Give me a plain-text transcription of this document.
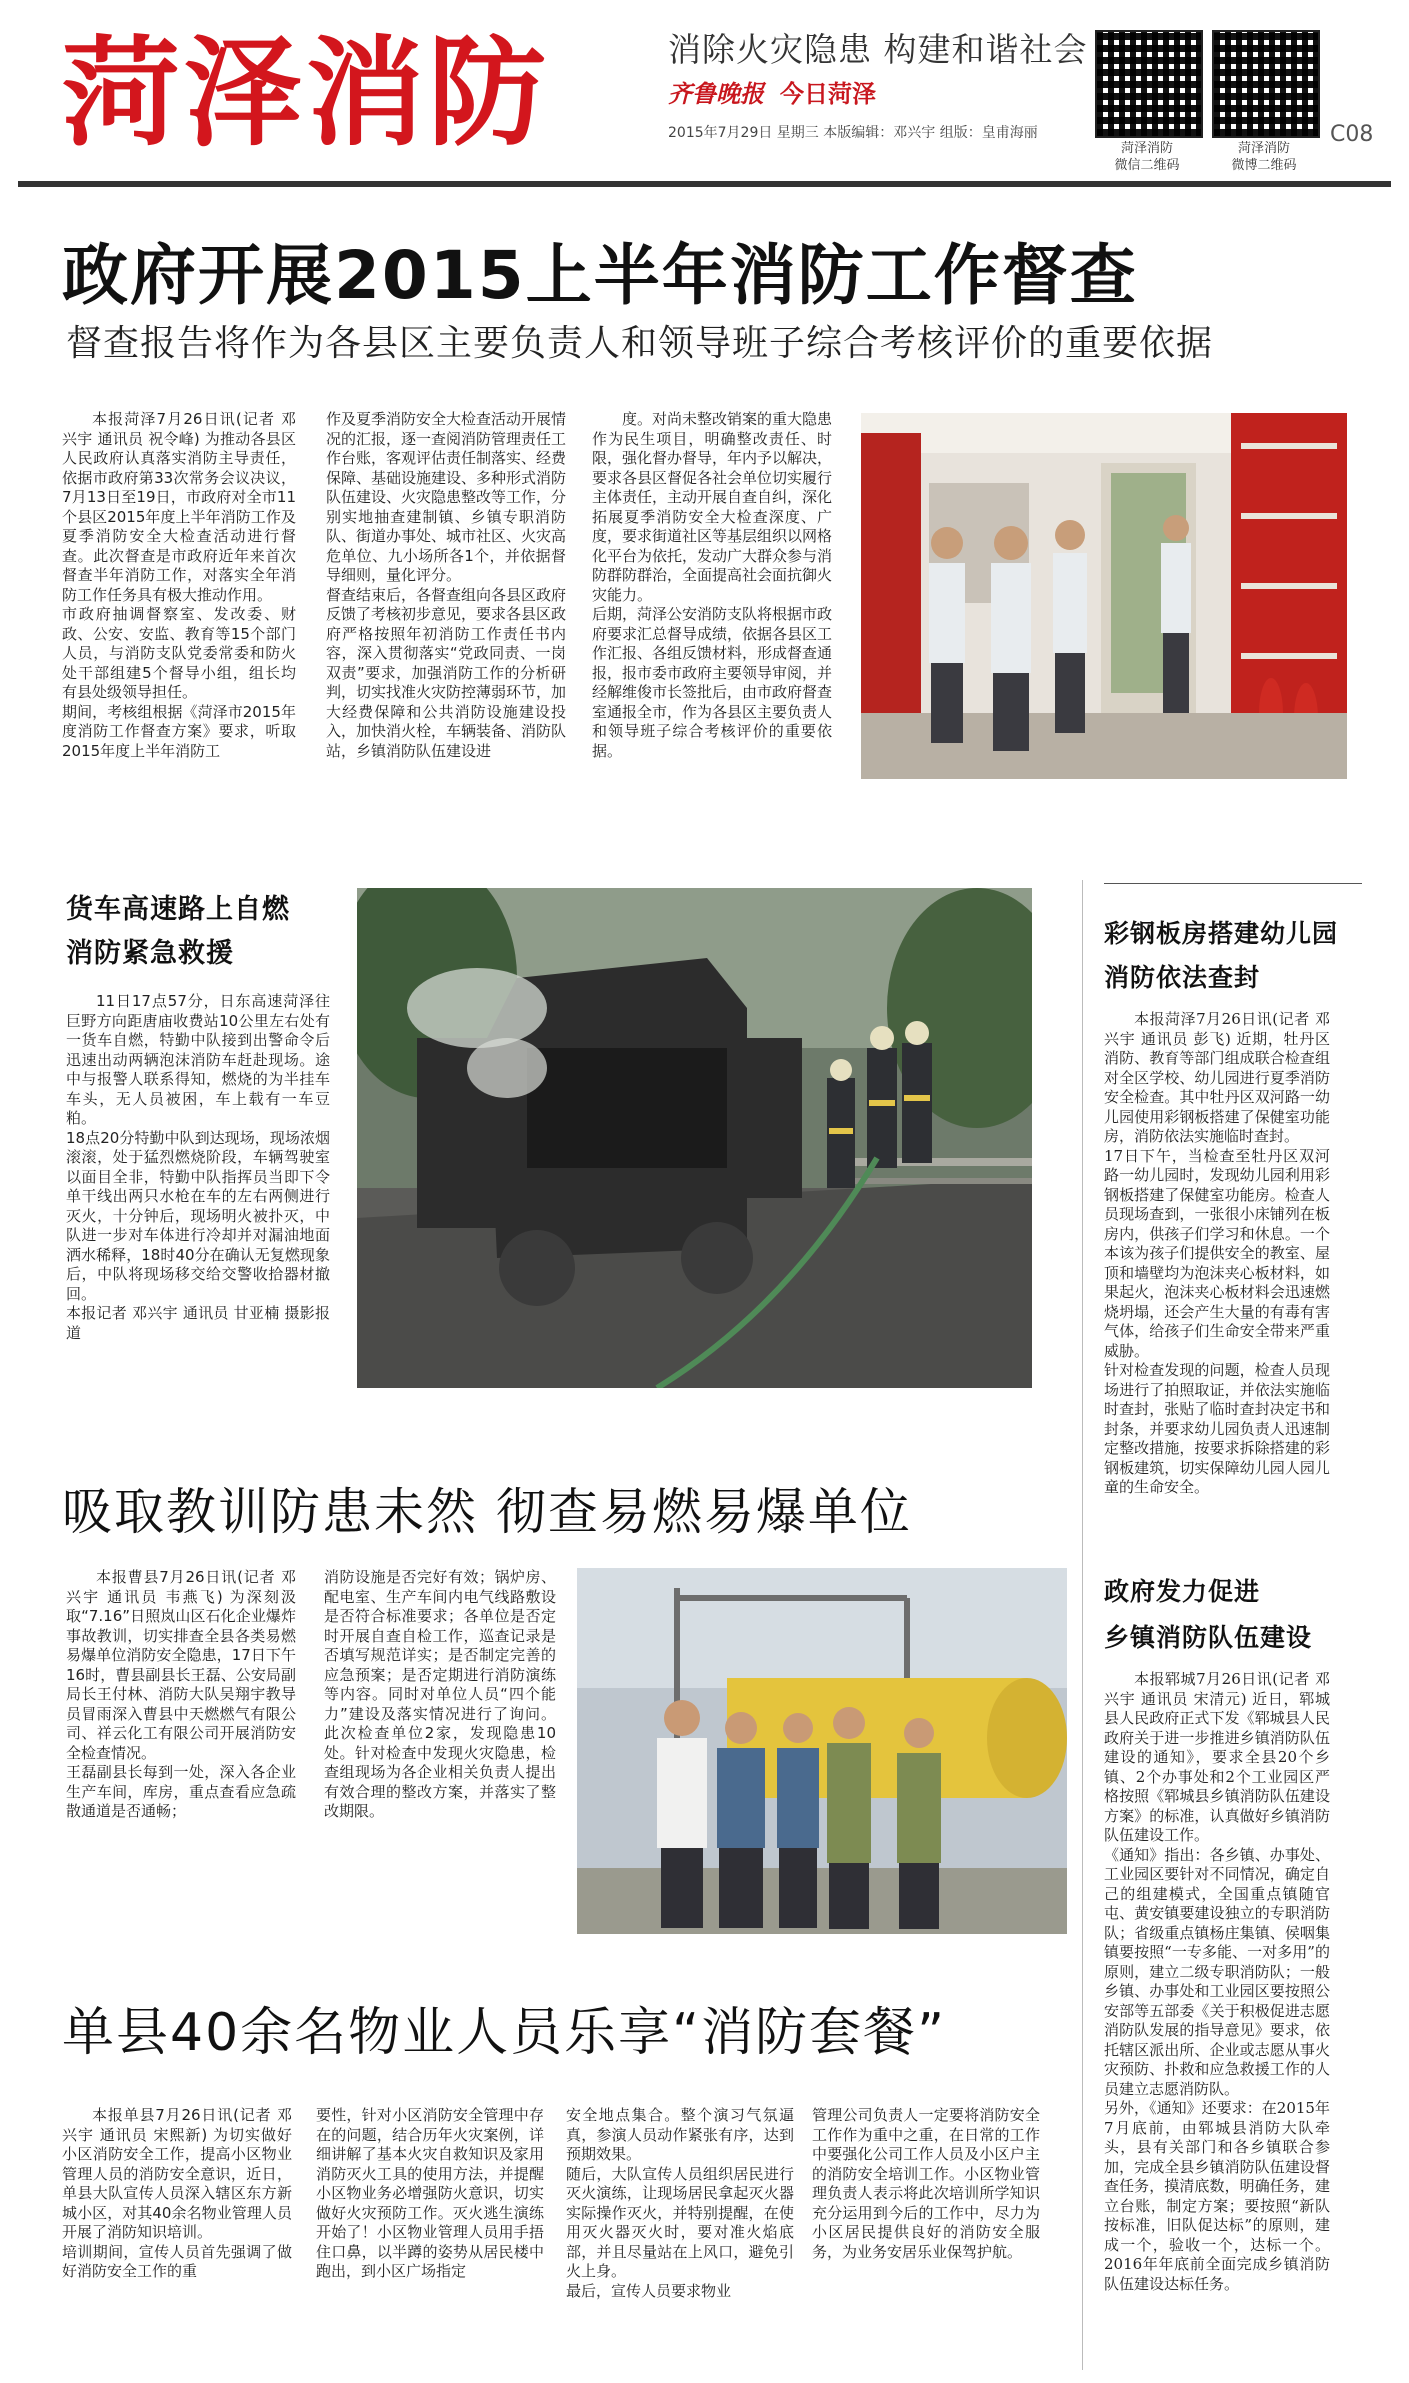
菏泽消防	消除火灾隐患 构建和谐社会
齐鲁晚报 今日菏泽
2015年7月29日 星期三 本版编辑：邓兴宇 组版：皇甫海丽
菏泽消防
微信二维码
菏泽消防
微博二维码
C08
政府开展2015上半年消防工作督查
督查报告将作为各县区主要负责人和领导班子综合考核评价的重要依据
本报菏泽7月26日讯(记者 邓兴宇 通讯员 祝令峰) 为推动各县区人民政府认真落实消防主导责任，依据市政府第33次常务会议决议，7月13日至19日，市政府对全市11个县区2015年度上半年消防工作及夏季消防安全大检查活动进行督查。此次督查是市政府近年来首次督查半年消防工作，对落实全年消防工作任务具有极大推动作用。
市政府抽调督察室、发改委、财政、公安、安监、教育等15个部门人员，与消防支队党委常委和防火处干部组建5个督导小组，组长均有县处级领导担任。
期间，考核组根据《菏泽市2015年度消防工作督查方案》要求，听取2015年度上半年消防工
作及夏季消防安全大检查活动开展情况的汇报，逐一查阅消防管理责任工作台账，客观评估责任制落实、经费保障、基础设施建设、多种形式消防队伍建设、火灾隐患整改等工作，分别实地抽查建制镇、乡镇专职消防队、街道办事处、城市社区、火灾高危单位、九小场所各1个，并依据督导细则，量化评分。
督查结束后，各督查组向各县区政府反馈了考核初步意见，要求各县区政府严格按照年初消防工作责任书内容，深入贯彻落实“党政同责、一岗双责”要求，加强消防工作的分析研判，切实找准火灾防控薄弱环节，加大经费保障和公共消防设施建设投入，加快消火栓，车辆装备、消防队站，乡镇消防队伍建设进
度。对尚未整改销案的重大隐患作为民生项目，明确整改责任、时限，强化督办督导，年内予以解决，要求各县区督促各社会单位切实履行主体责任，主动开展自查自纠，深化拓展夏季消防安全大检查深度、广度，要求街道社区等基层组织以网格化平台为依托，发动广大群众参与消防群防群治，全面提高社会面抗御火灾能力。
后期，菏泽公安消防支队将根据市政府要求汇总督导成绩，依据各县区工作汇报、各组反馈材料，形成督查通报，报市委市政府主要领导审阅，并经解维俊市长签批后，由市政府督查室通报全市，作为各县区主要负责人和领导班子综合考核评价的重要依据。
货车高速路上自燃
消防紧急救援
11日17点57分，日东高速菏泽往巨野方向距唐庙收费站10公里左右处有一货车自燃，特勤中队接到出警命令后迅速出动两辆泡沫消防车赶赴现场。途中与报警人联系得知，燃烧的为半挂车车头，无人员被困，车上载有一车豆粕。
18点20分特勤中队到达现场，现场浓烟滚滚，处于猛烈燃烧阶段，车辆驾驶室以面目全非，特勤中队指挥员当即下令单干线出两只水枪在车的左右两侧进行灭火，十分钟后，现场明火被扑灭，中队进一步对车体进行冷却并对漏油地面洒水稀释，18时40分在确认无复燃现象后，中队将现场移交给交警收拾器材撤回。
本报记者 邓兴宇 通讯员 甘亚楠 摄影报道
彩钢板房搭建幼儿园
消防依法查封
本报菏泽7月26日讯(记者 邓兴宇 通讯员 彭飞) 近期，牡丹区消防、教育等部门组成联合检查组对全区学校、幼儿园进行夏季消防安全检查。其中牡丹区双河路一幼儿园使用彩钢板搭建了保健室功能房，消防依法实施临时查封。
17日下午，当检查至牡丹区双河路一幼儿园时，发现幼儿园利用彩钢板搭建了保健室功能房。检查人员现场查到，一张很小床铺列在板房内，供孩子们学习和休息。一个本该为孩子们提供安全的教室、屋顶和墙壁均为泡沫夹心板材料，如果起火，泡沫夹心板材料会迅速燃烧坍塌，还会产生大量的有毒有害气体，给孩子们生命安全带来严重威胁。
针对检查发现的问题，检查人员现场进行了拍照取证，并依法实施临时查封，张贴了临时查封决定书和封条，并要求幼儿园负责人迅速制定整改措施，按要求拆除搭建的彩钢板建筑，切实保障幼儿园人园儿童的生命安全。
吸取教训防患未然 彻查易燃易爆单位
本报曹县7月26日讯(记者 邓兴宇 通讯员 韦燕飞) 为深刻汲取“7.16”日照岚山区石化企业爆炸事故教训，切实排查全县各类易燃易爆单位消防安全隐患，17日下午16时，曹县副县长王磊、公安局副局长王付林、消防大队吴翔宇教导员冒雨深入曹县中天燃燃气有限公司、祥云化工有限公司开展消防安全检查情况。
王磊副县长每到一处，深入各企业生产车间，库房，重点查看应急疏散通道是否通畅；
消防设施是否完好有效；锅炉房、配电室、生产车间内电气线路敷设是否符合标准要求；各单位是否定时开展自查自检工作，巡查记录是否填写规范详实；是否制定完善的应急预案；是否定期进行消防演练等内容。同时对单位人员“四个能力”建设及落实情况进行了询问。此次检查单位2家，发现隐患10处。针对检查中发现火灾隐患，检查组现场为各企业相关负责人提出有效合理的整改方案，并落实了整改期限。
政府发力促进
乡镇消防队伍建设
本报郓城7月26日讯(记者 邓兴宇 通讯员 宋清元) 近日，郓城县人民政府正式下发《郓城县人民政府关于进一步推进乡镇消防队伍建设的通知》，要求全县20个乡镇、2个办事处和2个工业园区严格按照《郓城县乡镇消防队伍建设方案》的标准，认真做好乡镇消防队伍建设工作。
《通知》指出：各乡镇、办事处、工业园区要针对不同情况，确定自己的组建模式，全国重点镇随官屯、黄安镇要建设独立的专职消防队；省级重点镇杨庄集镇、侯咽集镇要按照“一专多能、一对多用”的原则，建立二级专职消防队；一般乡镇、办事处和工业园区要按照公安部等五部委《关于积极促进志愿消防队发展的指导意见》要求，依托辖区派出所、企业或志愿从事火灾预防、扑救和应急救援工作的人员建立志愿消防队。
另外，《通知》还要求：在2015年7月底前，由郓城县消防大队牵头，县有关部门和各乡镇联合参加，完成全县乡镇消防队伍建设督查任务，摸清底数，明确任务，建立台账，制定方案；要按照“新队按标准，旧队促达标”的原则，建成一个，验收一个，达标一个。2016年年底前全面完成乡镇消防队伍建设达标任务。
单县40余名物业人员乐享“消防套餐”
本报单县7月26日讯(记者 邓兴宇 通讯员 宋熙新) 为切实做好小区消防安全工作，提高小区物业管理人员的消防安全意识，近日，单县大队宣传人员深入辖区东方新城小区，对其40余名物业管理人员开展了消防知识培训。
培训期间，宣传人员首先强调了做好消防安全工作的重
要性，针对小区消防安全管理中存在的问题，结合历年火灾案例，详细讲解了基本火灾自救知识及家用消防灭火工具的使用方法，并提醒小区物业务必增强防火意识，切实做好火灾预防工作。灭火逃生演练开始了！小区物业管理人员用手捂住口鼻，以半蹲的姿势从居民楼中跑出，到小区广场指定
安全地点集合。整个演习气氛逼真，参演人员动作紧张有序，达到预期效果。
随后，大队宣传人员组织居民进行灭火演练，让现场居民拿起灭火器实际操作灭火，并特别提醒，在使用灭火器灭火时，要对准火焰底部，并且尽量站在上风口，避免引火上身。
最后，宣传人员要求物业
管理公司负责人一定要将消防安全工作作为重中之重，在日常的工作中要强化公司工作人员及小区户主的消防安全培训工作。小区物业管理负责人表示将此次培训所学知识充分运用到今后的工作中，尽力为小区居民提供良好的消防安全服务，为业务安居乐业保驾护航。
